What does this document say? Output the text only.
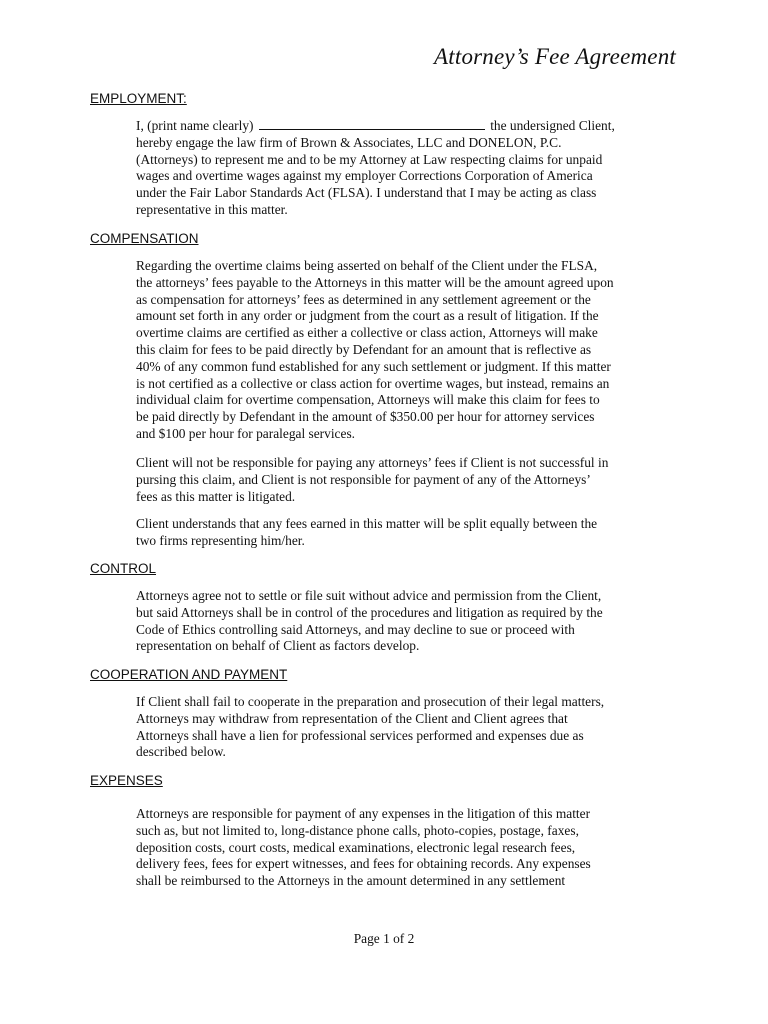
Attorney’s Fee Agreement
EMPLOYMENT:
I, (print name clearly)	the undersigned Client,
hereby engage the law firm of Brown & Associates, LLC and DONELON, P.C.
(Attorneys) to represent me and to be my Attorney at Law respecting claims for unpaid
wages and overtime wages against my employer Corrections Corporation of America
under the Fair Labor Standards Act (FLSA). I understand that I may be acting as class
representative in this matter.
COMPENSATION
Regarding the overtime claims being asserted on behalf of the Client under the FLSA,
the attorneys’ fees payable to the Attorneys in this matter will be the amount agreed upon
as compensation for attorneys’ fees as determined in any settlement agreement or the
amount set forth in any order or judgment from the court as a result of litigation. If the
overtime claims are certified as either a collective or class action, Attorneys will make
this claim for fees to be paid directly by Defendant for an amount that is reflective as
40% of any common fund established for any such settlement or judgment. If this matter
is not certified as a collective or class action for overtime wages, but instead, remains an
individual claim for overtime compensation, Attorneys will make this claim for fees to
be paid directly by Defendant in the amount of $350.00 per hour for attorney services
and $100 per hour for paralegal services.
Client will not be responsible for paying any attorneys’ fees if Client is not successful in
pursing this claim, and Client is not responsible for payment of any of the Attorneys’
fees as this matter is litigated.
Client understands that any fees earned in this matter will be split equally between the
two firms representing him/her.
CONTROL
Attorneys agree not to settle or file suit without advice and permission from the Client,
but said Attorneys shall be in control of the procedures and litigation as required by the
Code of Ethics controlling said Attorneys, and may decline to sue or proceed with
representation on behalf of Client as factors develop.
COOPERATION AND PAYMENT
If Client shall fail to cooperate in the preparation and prosecution of their legal matters,
Attorneys may withdraw from representation of the Client and Client agrees that
Attorneys shall have a lien for professional services performed and expenses due as
described below.
EXPENSES
Attorneys are responsible for payment of any expenses in the litigation of this matter
such as, but not limited to, long-distance phone calls, photo-copies, postage, faxes,
deposition costs, court costs, medical examinations, electronic legal research fees,
delivery fees, fees for expert witnesses, and fees for obtaining records. Any expenses
shall be reimbursed to the Attorneys in the amount determined in any settlement
Page 1 of 2
